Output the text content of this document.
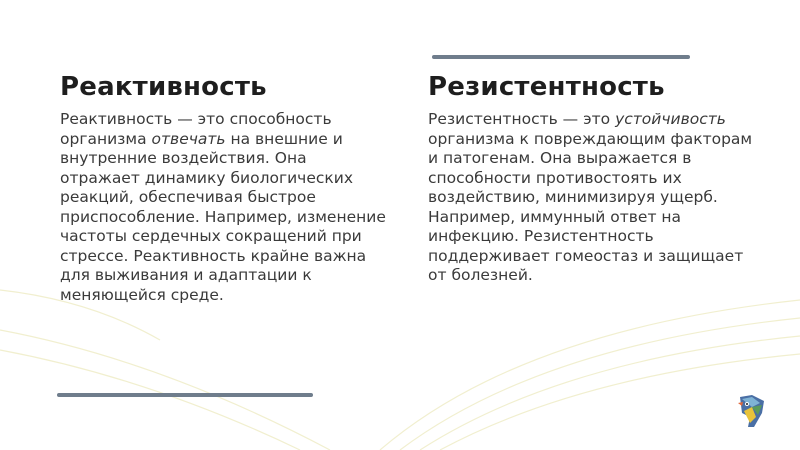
Реактивность

Реактивность — это способность организма отвечать на внешние и внутренние воздействия. Она отражает динамику биологических реакций, обеспечивая быстрое приспособление. Например, изменение частоты сердечных сокращений при стрессе. Реактивность крайне важна для выживания и адаптации к меняющейся среде.

Резистентность

Резистентность — это устойчивость организма к повреждающим факторам и патогенам. Она выражается в способности противостоять их воздействию, минимизируя ущерб. Например, иммунный ответ на инфекцию. Резистентность поддерживает гомеостаз и защищает от болезней.
